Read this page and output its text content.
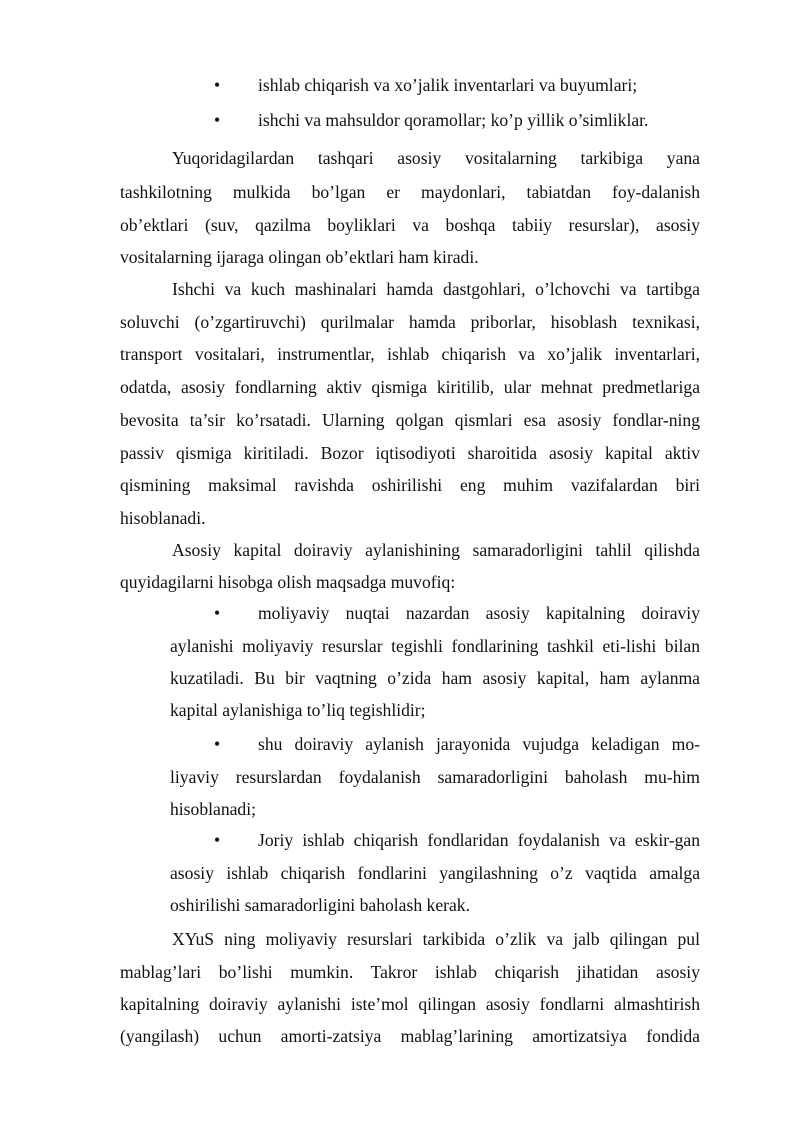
• ishlab chiqarish va xo’jalik inventarlari va buyumlari;
• ishchi va mahsuldor qoramollar; ko’p yillik o’simliklar.
Yuqoridagilardan tashqari asosiy vositalarning tarkibiga yana
tashkilotning mulkida bo’lgan er maydonlari, tabiatdan foy-dalanish
ob’ektlari (suv, qazilma boyliklari va boshqa tabiiy resurslar), asosiy
vositalarning ijaraga olingan ob’ektlari ham kiradi.
Ishchi va kuch mashinalari hamda dastgohlari, o’lchovchi va tartibga
soluvchi (o’zgartiruvchi) qurilmalar hamda priborlar, hisoblash texnikasi,
transport vositalari, instrumentlar, ishlab chiqarish va xo’jalik inventarlari,
odatda, asosiy fondlarning aktiv qismiga kiritilib, ular mehnat predmetlariga
bevosita ta’sir ko’rsatadi. Ularning qolgan qismlari esa asosiy fondlar-ning
passiv qismiga kiritiladi. Bozor iqtisodiyoti sharoitida asosiy kapital aktiv
qismining maksimal ravishda oshirilishi eng muhim vazifalardan biri
hisoblanadi.
Asosiy kapital doiraviy aylanishining samaradorligini tahlil qilishda
quyidagilarni hisobga olish maqsadga muvofiq:
• moliyaviy nuqtai nazardan asosiy kapitalning doiraviy
aylanishi moliyaviy resurslar tegishli fondlarining tashkil eti-lishi bilan
kuzatiladi. Bu bir vaqtning o’zida ham asosiy kapital, ham aylanma
kapital aylanishiga to’liq tegishlidir;
• shu doiraviy aylanish jarayonida vujudga keladigan mo-
liyaviy resurslardan foydalanish samaradorligini baholash mu-him
hisoblanadi;
• Joriy ishlab chiqarish fondlaridan foydalanish va eskir-gan
asosiy ishlab chiqarish fondlarini yangilashning o’z vaqtida amalga
oshirilishi samaradorligini baholash kerak.
XYuS ning moliyaviy resurslari tarkibida o’zlik va jalb qilingan pul
mablag’lari bo’lishi mumkin. Takror ishlab chiqarish jihatidan asosiy
kapitalning doiraviy aylanishi iste’mol qilingan asosiy fondlarni almashtirish
(yangilash) uchun amorti-zatsiya mablag’larining amortizatsiya fondida
